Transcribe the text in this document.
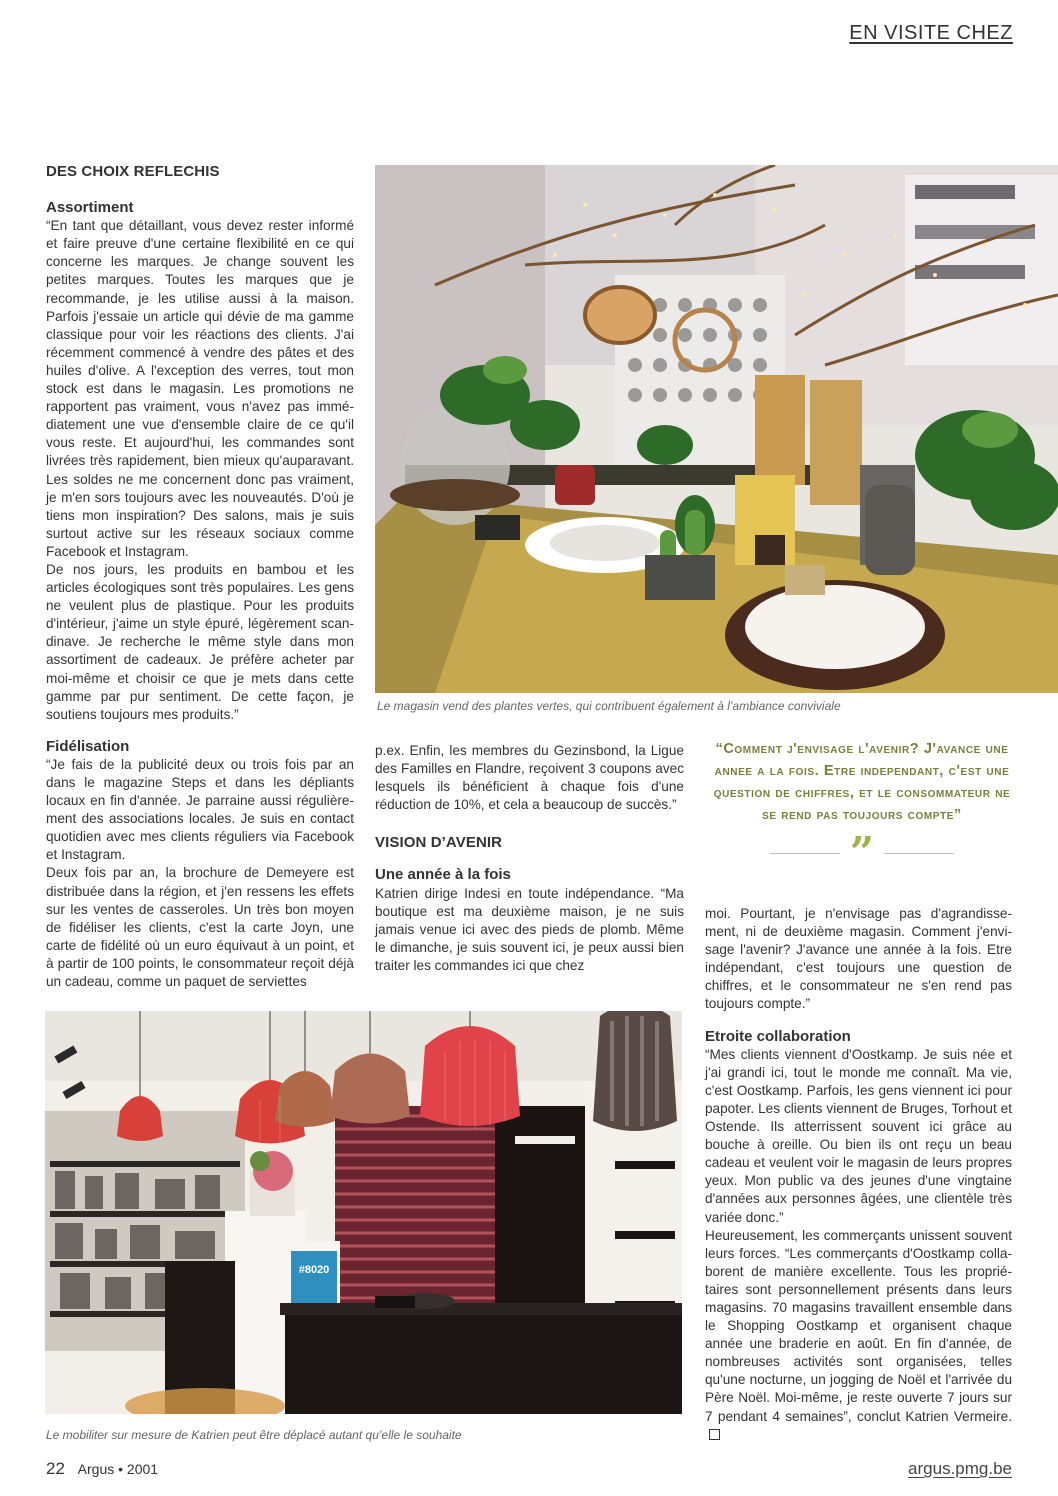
EN VISITE CHEZ
DES CHOIX REFLECHIS
Assortiment

“En tant que détaillant, vous devez rester informé et faire preuve d'une certaine flexibilité en ce qui concerne les marques. Je change souvent les petites marques. Toutes les marques que je recommande, je les utilise aussi à la maison. Parfois j'essaie un article qui dévie de ma gamme classique pour voir les réactions des clients. J'ai récemment commencé à vendre des pâtes et des huiles d'olive. A l'exception des verres, tout mon stock est dans le magasin. Les promotions ne rapportent pas vraiment, vous n'avez pas immédiatement une vue d'ensemble claire de ce qu'il vous reste. Et aujourd'hui, les commandes sont livrées très rapidement, bien mieux qu'auparavant. Les soldes ne me concernent donc pas vraiment, je m'en sors toujours avec les nouveautés. D'où je tiens mon inspiration? Des salons, mais je suis surtout active sur les réseaux sociaux comme Facebook et Instagram.

De nos jours, les produits en bambou et les articles écologiques sont très populaires. Les gens ne veulent plus de plastique. Pour les produits d'intérieur, j'aime un style épuré, légèrement scandinave. Je recherche le même style dans mon assortiment de cadeaux. Je préfère acheter par moi-même et choisir ce que je mets dans cette gamme par pur sentiment. De cette façon, je soutiens toujours mes produits.”

Fidélisation

“Je fais de la publicité deux ou trois fois par an dans le magazine Steps et dans les dépliants locaux en fin d'année. Je parraine aussi régulièrement des associations locales. Je suis en contact quotidien avec mes clients réguliers via Facebook et Instagram.

Deux fois par an, la brochure de Demeyere est distribuée dans la région, et j'en ressens les effets sur les ventes de casseroles. Un très bon moyen de fidéliser les clients, c'est la carte Joyn, une carte de fidélité où un euro équivaut à un point, et à partir de 100 points, le consommateur reçoit déjà un cadeau, comme un paquet de serviettes

Le magasin vend des plantes vertes, qui contribuent également à l’ambiance conviviale

p.ex. Enfin, les membres du Gezinsbond, la Ligue des Familles en Flandre, reçoivent 3 coupons avec lesquels ils bénéficient à chaque fois d'une réduction de 10%, et cela a beaucoup de succès.”

VISION D’AVENIR
Une année à la fois

Katrien dirige Indesi en toute indépendance. “Ma boutique est ma deuxième maison, je ne suis jamais venue ici avec des pieds de plomb. Même le dimanche, je suis souvent ici, je peux aussi bien traiter les commandes ici que chez

“Comment j'envisage l'avenir? J'avance une annee a la fois. Etre independant, c'est une question de chiffres, et le consommateur ne se rend pas toujours compte”
”

moi. Pourtant, je n'envisage pas d'agrandissement, ni de deuxième magasin. Comment j'envisage l'avenir? J'avance une année à la fois. Etre indépendant, c'est toujours une question de chiffres, et le consommateur ne s'en rend pas toujours compte.”

Etroite collaboration

“Mes clients viennent d'Oostkamp. Je suis née et j'ai grandi ici, tout le monde me connaît. Ma vie, c'est Oostkamp. Parfois, les gens viennent ici pour papoter. Les clients viennent de Bruges, Torhout et Ostende. Ils atterrissent souvent ici grâce au bouche à oreille. Ou bien ils ont reçu un beau cadeau et veulent voir le magasin de leurs propres yeux. Mon public va des jeunes d'une vingtaine d'années aux personnes âgées, une clientèle très variée donc.”

Heureusement, les commerçants unissent souvent leurs forces. “Les commerçants d'Oostkamp collaborent de manière excellente. Tous les propriétaires sont personnellement présents dans leurs magasins. 70 magasins travaillent ensemble dans le Shopping Oostkamp et organisent chaque année une braderie en août. En fin d'année, de nombreuses activités sont organisées, telles qu'une nocturne, un jogging de Noël et l'arrivée du Père Noël. Moi-même, je reste ouverte 7 jours sur 7 pendant 4 semaines”, conclut Katrien Vermeire.

#8020
Le mobiliter sur mesure de Katrien peut être déplacé autant qu’elle le souhaite
22 Argus • 2001	argus.pmg.be
